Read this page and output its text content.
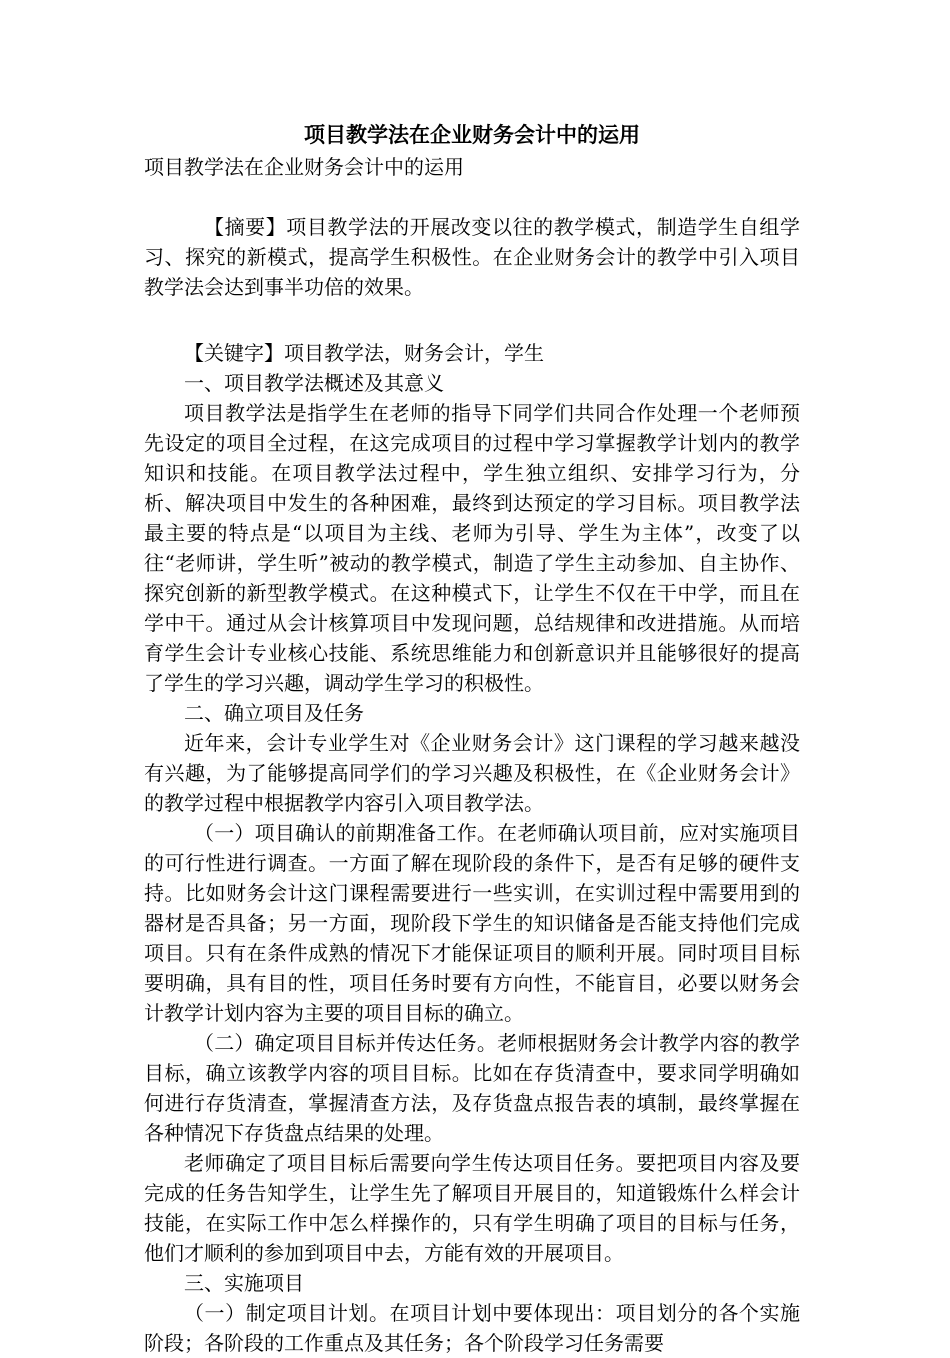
项目教学法在企业财务会计中的运用

项目教学法在企业财务会计中的运用

【摘要】项目教学法的开展改变以往的教学模式，制造学生自组学习、探究的新模式，提高学生积极性。在企业财务会计的教学中引入项目教学法会达到事半功倍的效果。

【关键字】项目教学法，财务会计，学生

一、项目教学法概述及其意义

项目教学法是指学生在老师的指导下同学们共同合作处理一个老师预先设定的项目全过程，在这完成项目的过程中学习掌握教学计划内的教学知识和技能。在项目教学法过程中，学生独立组织、安排学习行为，分析、解决项目中发生的各种困难，最终到达预定的学习目标。项目教学法最主要的特点是“以项目为主线、老师为引导、学生为主体”，改变了以往“老师讲，学生听”被动的教学模式，制造了学生主动参加、自主协作、探究创新的新型教学模式。在这种模式下，让学生不仅在干中学，而且在学中干。通过从会计核算项目中发现问题，总结规律和改进措施。从而培育学生会计专业核心技能、系统思维能力和创新意识并且能够很好的提高了学生的学习兴趣，调动学生学习的积极性。

二、确立项目及任务

近年来，会计专业学生对《企业财务会计》这门课程的学习越来越没有兴趣，为了能够提高同学们的学习兴趣及积极性，在《企业财务会计》的教学过程中根据教学内容引入项目教学法。

（一）项目确认的前期准备工作。在老师确认项目前，应对实施项目的可行性进行调查。一方面了解在现阶段的条件下，是否有足够的硬件支持。比如财务会计这门课程需要进行一些实训，在实训过程中需要用到的器材是否具备；另一方面，现阶段下学生的知识储备是否能支持他们完成项目。只有在条件成熟的情况下才能保证项目的顺利开展。同时项目目标要明确，具有目的性，项目任务时要有方向性，不能盲目，必要以财务会计教学计划内容为主要的项目目标的确立。

（二）确定项目目标并传达任务。老师根据财务会计教学内容的教学目标，确立该教学内容的项目目标。比如在存货清查中，要求同学明确如何进行存货清查，掌握清查方法，及存货盘点报告表的填制，最终掌握在各种情况下存货盘点结果的处理。

老师确定了项目目标后需要向学生传达项目任务。要把项目内容及要完成的任务告知学生，让学生先了解项目开展目的，知道锻炼什么样会计技能，在实际工作中怎么样操作的，只有学生明确了项目的目标与任务，他们才顺利的参加到项目中去，方能有效的开展项目。

三、实施项目

（一）制定项目计划。在项目计划中要体现出：项目划分的各个实施阶段；各阶段的工作重点及其任务；各个阶段学习任务需要
